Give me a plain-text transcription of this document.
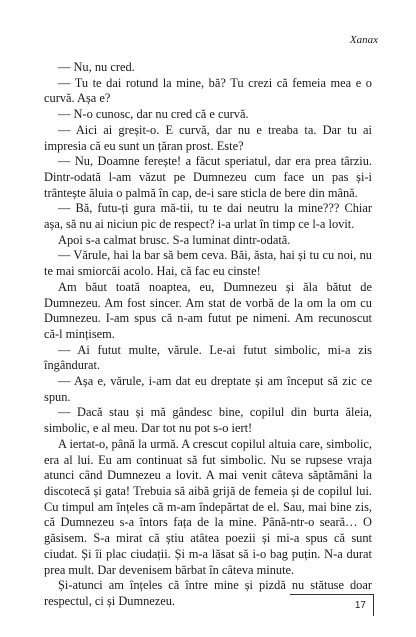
Xanax

— Nu, nu cred.

— Tu te dai rotund la mine, bă? Tu crezi că femeia mea e o curvă. Așa e?

— N-o cunosc, dar nu cred că e curvă.

— Aici ai greșit-o. E curvă, dar nu e treaba ta. Dar tu ai impresia că eu sunt un țăran prost. Este?

— Nu, Doamne ferește! a făcut speriatul, dar era prea târziu. Dintr-odată l-am văzut pe Dumnezeu cum face un pas și-i trântește ăluia o palmă în cap, de-i sare sticla de bere din mână.

— Bă, futu-ți gura mă-tii, tu te dai neutru la mine??? Chiar așa, să nu ai niciun pic de respect? i-a urlat în timp ce l-a lovit.

Apoi s-a calmat brusc. S-a luminat dintr-odată.

— Vărule, hai la bar să bem ceva. Băi, ăsta, hai și tu cu noi, nu te mai smiorcăi acolo. Hai, că fac eu cinste!

Am băut toată noaptea, eu, Dumnezeu și ăla bătut de Dumnezeu. Am fost sincer. Am stat de vorbă de la om la om cu Dumnezeu. I-am spus că n-am futut pe nimeni. Am recunoscut că-l mințisem.

— Ai futut multe, vărule. Le-ai futut simbolic, mi-a zis îngândurat.

— Așa e, vărule, i-am dat eu dreptate și am început să zic ce spun.

— Dacă stau și mă gândesc bine, copilul din burta ăleia, simbolic, e al meu. Dar tot nu pot s-o iert!

A iertat-o, până la urmă. A crescut copilul altuia care, simbolic, era al lui. Eu am continuat să fut simbolic. Nu se rupsese vraja atunci când Dumnezeu a lovit. A mai venit câteva săptămâni la discotecă și gata! Trebuia să aibă grijă de femeia și de copilul lui. Cu timpul am înțeles că m-am îndepărtat de el. Sau, mai bine zis, că Dumnezeu s-a întors fața de la mine. Până-ntr-o seară… O găsisem. S-a mirat că știu atâtea poezii și mi-a spus că sunt ciudat. Și îi plac ciudații. Și m-a lăsat să i-o bag puțin. N-a durat prea mult. Dar devenisem bărbat în câteva minute.

Și-atunci am înțeles că între mine și pizdă nu stătuse doar respectul, ci și Dumnezeu.	17
